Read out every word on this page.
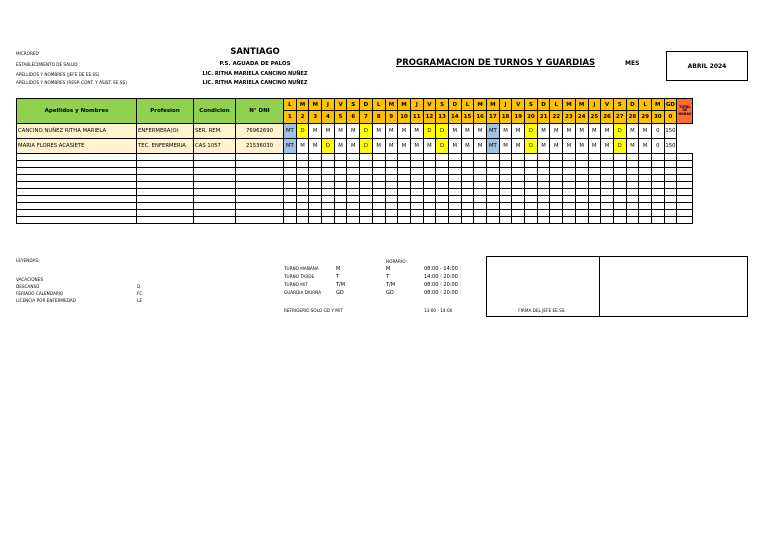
MICRORED
ESTABLECIMIENTO DE SALUD
APELLIDOS Y NOMBRES (JEFE DE EE.SS)
APELLIDOS Y NOMBRES (RESP. CONT. Y ASIST. EE.SS)
SANTIAGO
P.S. AGUADA DE PALOS
LIC. RITHA MARIELA CANCINO NUÑEZ
LIC. RITHA MARIELA CANCINO NUÑEZ
PROGRAMACION DE TURNOS Y GUARDIAS	MES	ABRIL 2024
Apellidos y Nombres	Profesion	Condicion	N° DNI	L	M	M	J	V	S	D	L	M	M	J	V	S	D	L	M	M	J	V	S	D	L	M	M	J	V	S	D	L	M	GD	TOTAL DE HORAS
				1	2	3	4	5	6	7	8	9	10	11	12	13	14	15	16	17	18	19	20	21	22	23	24	25	26	27	28	29	30	0	
CANCINO NUÑEZ RITHA MARIELA	ENFERMERA(O)	SER. REM.	76962690	MT	D	M	M	M	M	D	M	M	M	M	D	D	M	M	M	MT	M	M	D	M	M	M	M	M	M	D	M	M	0	150	
MARIA FLORES ACASIETE	TEC. ENFERMERIA	CAS 1057	21536030	MT	M	M	D	M	M	D	M	M	M	M	M	D	M	M	M	MT	M	M	D	M	M	M	M	M	M	D	M	M	0	150	

LEYENDAS:
VACACIONES
DESCANSO	D
FERIADO CALENDARIO	FC
LICENCIA POR ENFERMEDAD	LE
TURNO MAÑANA	M
TURNO TARDE	T
TURNO M/T	T/M
GUARDIA DIURNA	GD
HORARIO:
M	08:00 - 14:00
T	14:00 - 20:00
T/M	08:00 - 20:00
GD	08:00 - 20:00
REFRIGERIO SOLO GD Y M/T	13:00 - 14:00	FIRMA DEL JEFE EE.SS.
